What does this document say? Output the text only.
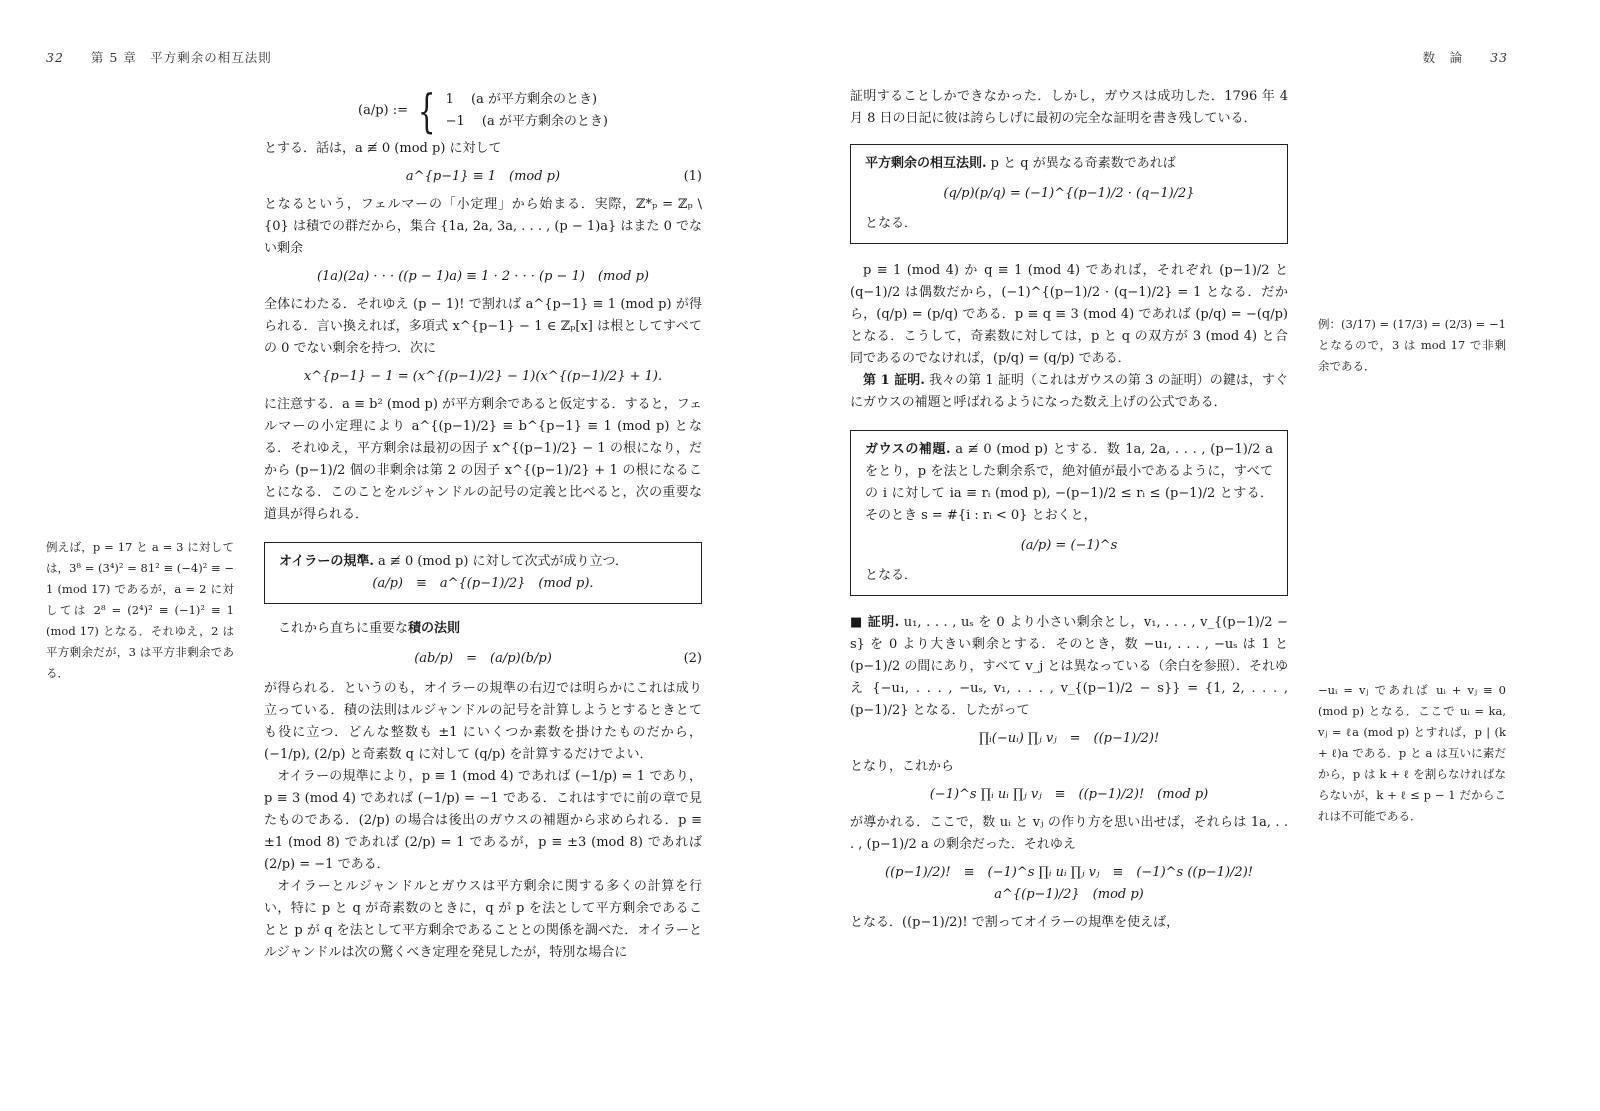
32 第 5 章　平方剰余の相互法則
(a/p) := { 1　 (a が平方剰余のとき)
−1　 (a が平方剰余のとき)

とする．話は，a ≢ 0 (mod p) に対して

a^{p−1} ≡ 1　(mod p)	(1)

となるという，フェルマーの「小定理」から始まる．実際，ℤ*ₚ = ℤₚ \ {0} は積での群だから，集合 {1a, 2a, 3a, . . . , (p − 1)a} はまた 0 でない剰余

(1a)(2a) · · · ((p − 1)a) ≡ 1 · 2 · · · (p − 1)　(mod p)

全体にわたる．それゆえ (p − 1)! で割れば a^{p−1} ≡ 1 (mod p) が得られる．言い換えれば，多項式 x^{p−1} − 1 ∈ ℤₚ[x] は根としてすべての 0 でない剰余を持つ．次に

x^{p−1} − 1 = (x^{(p−1)/2} − 1)(x^{(p−1)/2} + 1).

に注意する．a ≡ b² (mod p) が平方剰余であると仮定する．すると，フェルマーの小定理により a^{(p−1)/2} ≡ b^{p−1} ≡ 1 (mod p) となる．それゆえ，平方剰余は最初の因子 x^{(p−1)/2} − 1 の根になり，だから (p−1)/2 個の非剰余は第 2 の因子 x^{(p−1)/2} + 1 の根になることになる．このことをルジャンドルの記号の定義と比べると，次の重要な道具が得られる．

オイラーの規準. a ≢ 0 (mod p) に対して次式が成り立つ．
(a/p)　≡　a^{(p−1)/2}　(mod p).

これから直ちに重要な積の法則

(ab/p)　=　(a/p)(b/p)	(2)

が得られる．というのも，オイラーの規準の右辺では明らかにこれは成り立っている．積の法則はルジャンドルの記号を計算しようとするときとても役に立つ．どんな整数も ±1 にいくつか素数を掛けたものだから，(−1/p), (2/p) と奇素数 q に対して (q/p) を計算するだけでよい．

オイラーの規準により，p ≡ 1 (mod 4) であれば (−1/p) = 1 であり，p ≡ 3 (mod 4) であれば (−1/p) = −1 である．これはすでに前の章で見たものである．(2/p) の場合は後出のガウスの補題から求められる．p ≡ ±1 (mod 8) であれば (2/p) = 1 であるが，p ≡ ±3 (mod 8) であれば (2/p) = −1 である．

オイラーとルジャンドルとガウスは平方剰余に関する多くの計算を行い，特に p と q が奇素数のときに，q が p を法として平方剰余であることと p が q を法として平方剰余であることとの関係を調べた．オイラーとルジャンドルは次の驚くべき定理を発見したが，特別な場合に

例えば，p = 17 と a = 3 に対しては，3⁸ = (3⁴)² = 81² ≡ (−4)² ≡ − 1 (mod 17) であるが，a = 2 に対しては 2⁸ = (2⁴)² ≡ (−1)² ≡ 1 (mod 17) となる．それゆえ，2 は平方剰余だが，3 は平方非剰余である．
数　論 33

証明することしかできなかった．しかし，ガウスは成功した．1796 年 4 月 8 日の日記に彼は誇らしげに最初の完全な証明を書き残している．

平方剰余の相互法則. p と q が異なる奇素数であれば
(q/p)(p/q) = (−1)^{(p−1)/2 · (q−1)/2}
となる．

p ≡ 1 (mod 4) か q ≡ 1 (mod 4) であれば，それぞれ (p−1)/2 と (q−1)/2 は偶数だから，(−1)^{(p−1)/2 · (q−1)/2} = 1 となる．だから，(q/p) = (p/q) である．p ≡ q ≡ 3 (mod 4) であれば (p/q) = −(q/p) となる．こうして，奇素数に対しては，p と q の双方が 3 (mod 4) と合同であるのでなければ，(p/q) = (q/p) である．

第 1 証明. 我々の第 1 証明（これはガウスの第 3 の証明）の鍵は，すぐにガウスの補題と呼ばれるようになった数え上げの公式である．

ガウスの補題. a ≢ 0 (mod p) とする．数 1a, 2a, . . . , (p−1)/2 a をとり，p を法とした剰余系で，絶対値が最小であるように，すべての i に対して ia ≡ rᵢ (mod p), −(p−1)/2 ≤ rᵢ ≤ (p−1)/2 とする．そのとき s = #{i : rᵢ < 0} とおくと，
(a/p) = (−1)^s
となる．

■ 証明. u₁, . . . , uₛ を 0 より小さい剰余とし，v₁, . . . , v_{(p−1)/2 − s} を 0 より大きい剰余とする．そのとき，数 −u₁, . . . , −uₛ は 1 と (p−1)/2 の間にあり，すべて v_j とは異なっている（余白を参照）．それゆえ {−u₁, . . . , −uₛ, v₁, . . . , v_{(p−1)/2 − s}} = {1, 2, . . . , (p−1)/2} となる．したがって

∏ᵢ(−uᵢ) ∏ⱼ vⱼ　=　((p−1)/2)!

となり，これから

(−1)^s ∏ᵢ uᵢ ∏ⱼ vⱼ　≡　((p−1)/2)!　(mod p)

が導かれる．ここで，数 uᵢ と vⱼ の作り方を思い出せば，それらは 1a, . . . , (p−1)/2 a の剰余だった．それゆえ

((p−1)/2)!　≡　(−1)^s ∏ᵢ uᵢ ∏ⱼ vⱼ　≡　(−1)^s ((p−1)/2)! a^{(p−1)/2}　(mod p)

となる．((p−1)/2)! で割ってオイラーの規準を使えば，

例：(3/17) = (17/3) = (2/3) = −1 となるので，3 は mod 17 で非剰余である．
−uᵢ = vⱼ であれば uᵢ + vⱼ ≡ 0 (mod p) となる．ここで uᵢ = ka, vⱼ = ℓa (mod p) とすれば，p | (k + ℓ)a である．p と a は互いに素だから，p は k + ℓ を割らなければならないが，k + ℓ ≤ p − 1 だからこれは不可能である．
